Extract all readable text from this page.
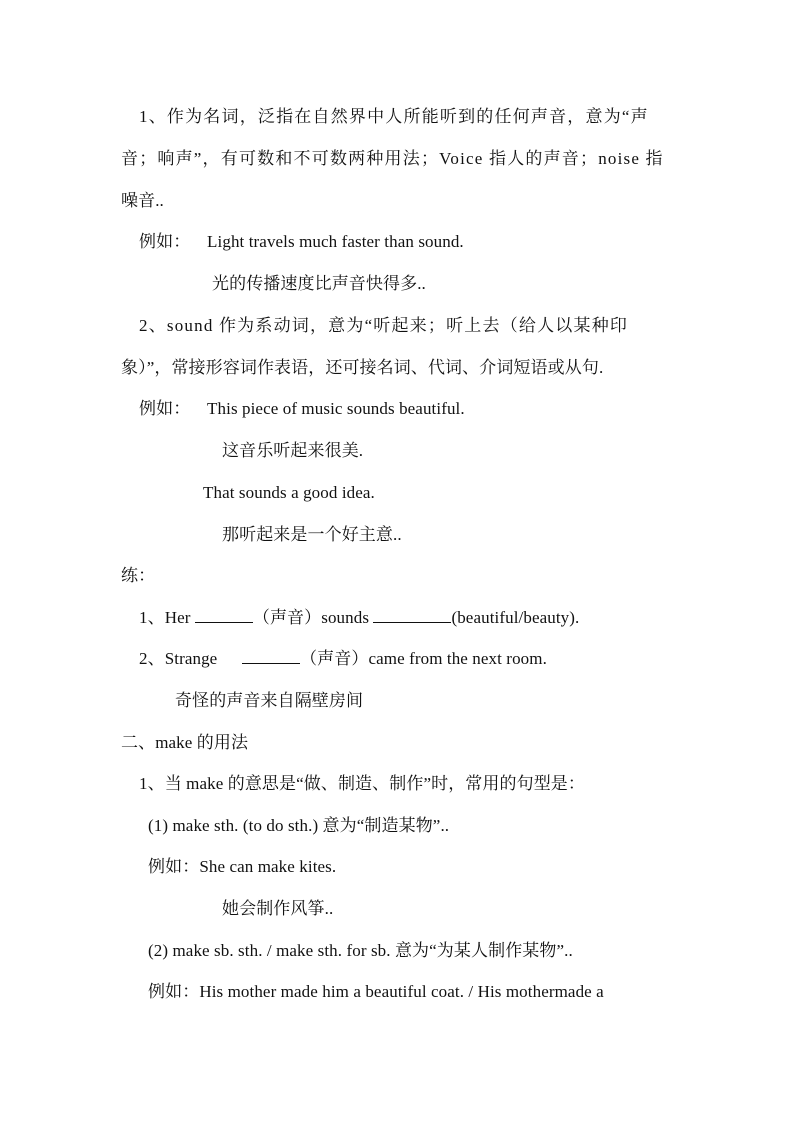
1、作为名词，泛指在自然界中人所能听到的任何声音，意为“声
音；响声”，有可数和不可数两种用法；Voice 指人的声音；noise 指
噪音..
例如： Light travels much faster than sound.
光的传播速度比声音快得多..
2、sound 作为系动词，意为“听起来；听上去（给人以某种印
象）”，常接形容词作表语，还可接名词、代词、介词短语或从句.
例如： This piece of music sounds beautiful.
这音乐听起来很美.
That sounds a good idea.
那听起来是一个好主意..
练：
1、Her	（声音）sounds	(beautiful/beauty).
2、Strange	（声音）came from the next room.
奇怪的声音来自隔壁房间
二、make 的用法
1、当 make 的意思是“做、制造、制作”时，常用的句型是：
(1) make sth. (to do sth.) 意为“制造某物”..
例如：She can make kites.
她会制作风筝..
(2) make sb. sth. / make sth. for sb. 意为“为某人制作某物”..
例如：His mother made him a beautiful coat. / His mothermade a
